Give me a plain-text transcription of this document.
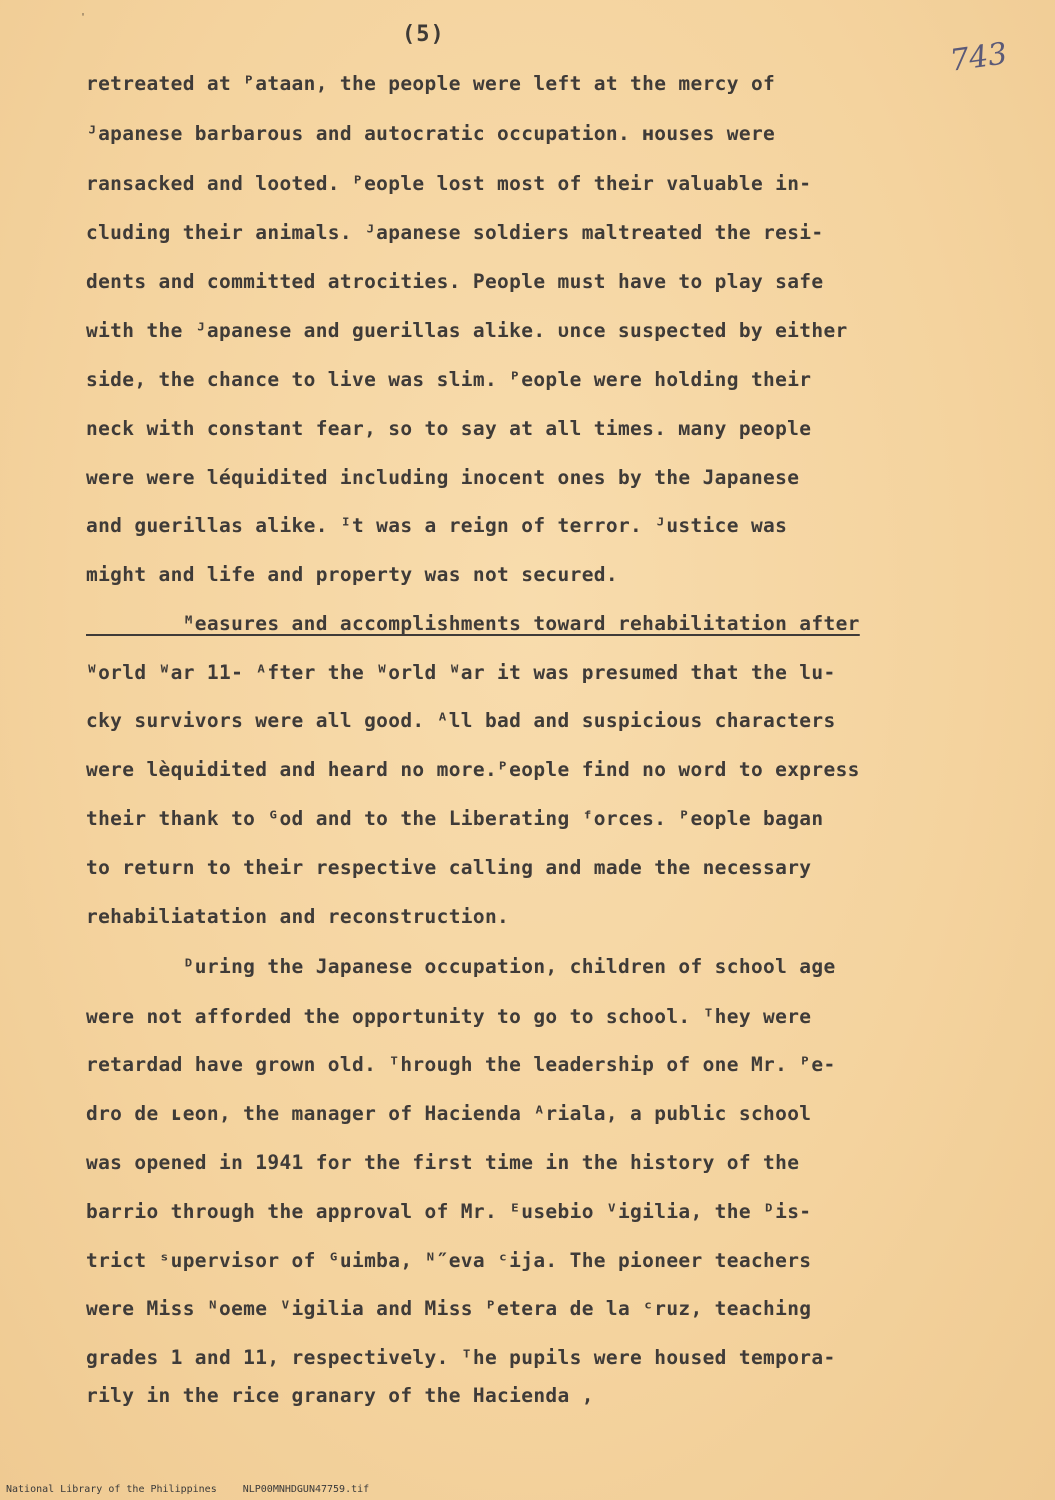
'
(5)
743
retreated at ᴾataan, the people were left at the mercy of
ᴶapanese barbarous and autocratic occupation. ʜouses were
ransacked and looted. ᴾeople lost most of their valuable in-
cluding their animals. ᴶapanese soldiers maltreated the resi-
dents and committed atrocities. People must have to play safe
with the ᴶapanese and guerillas alike. ᴜnce suspected by either
side, the chance to live was slim. ᴾeople were holding their
neck with constant fear, so to say at all times. ᴍany people
were were léquidited including inocent ones by the Japanese
and guerillas alike. ᴵt was a reign of terror. ᴶustice was
might and life and property was not secured.
ᴹeasures and accomplishments toward rehabilitation after
ᵂorld ᵂar 11- ᴬfter the ᵂorld ᵂar it was presumed that the lu-
cky survivors were all good. ᴬll bad and suspicious characters
were lèquidited and heard no more.ᴾeople find no word to express
their thank to ᴳod and to the Liberating ᶠorces. ᴾeople bagan
to return to their respective calling and made the necessary
rehabiliatation and reconstruction.
ᴰuring the Japanese occupation, children of school age
were not afforded the opportunity to go to school. ᵀhey were
retardad have grown old. ᵀhrough the leadership of one Mr. ᴾe-
dro de ʟeon, the manager of Hacienda ᴬriala, a public school
was opened in 1941 for the first time in the history of the
barrio through the approval of Mr. ᴱusebio ⱽigilia, the ᴰis-
trict ˢupervisor of ᴳuimba, ᴺ″eva ᶜija. The pioneer teachers
were Miss ᴺoeme ⱽigilia and Miss ᴾetera de la ᶜruz, teaching
grades 1 and 11, respectively. ᵀhe pupils were housed tempora-
rily in the rice granary of the Hacienda ,
National Library of the Philippines	NLP00MNHDGUN47759.tif
